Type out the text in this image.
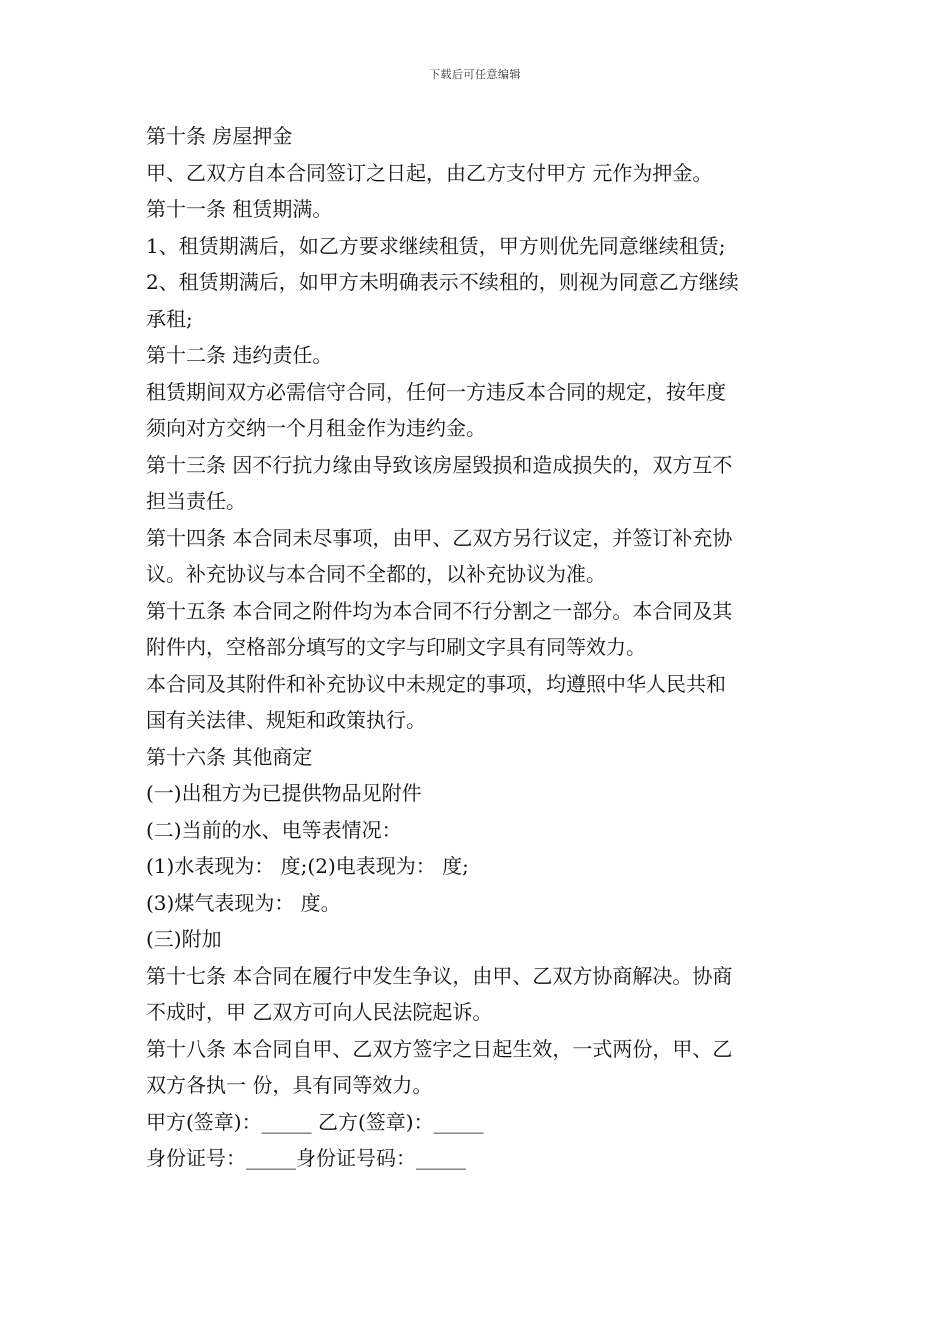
下载后可任意编辑
第十条 房屋押金
甲、乙双方自本合同签订之日起，由乙方支付甲方 元作为押金。
第十一条 租赁期满。
1、租赁期满后，如乙方要求继续租赁，甲方则优先同意继续租赁;
2、租赁期满后，如甲方未明确表示不续租的，则视为同意乙方继续
承租;
第十二条 违约责任。
租赁期间双方必需信守合同，任何一方违反本合同的规定，按年度
须向对方交纳一个月租金作为违约金。
第十三条 因不行抗力缘由导致该房屋毁损和造成损失的，双方互不
担当责任。
第十四条 本合同未尽事项，由甲、乙双方另行议定，并签订补充协
议。补充协议与本合同不全都的，以补充协议为准。
第十五条 本合同之附件均为本合同不行分割之一部分。本合同及其
附件内，空格部分填写的文字与印刷文字具有同等效力。
本合同及其附件和补充协议中未规定的事项，均遵照中华人民共和
国有关法律、规矩和政策执行。
第十六条 其他商定
(一)出租方为已提供物品见附件
(二)当前的水、电等表情况：
(1)水表现为： 度;(2)电表现为： 度;
(3)煤气表现为： 度。
(三)附加
第十七条 本合同在履行中发生争议，由甲、乙双方协商解决。协商
不成时，甲 乙双方可向人民法院起诉。
第十八条 本合同自甲、乙双方签字之日起生效，一式两份，甲、乙
双方各执一 份，具有同等效力。
甲方(签章)：_____ 乙方(签章)：_____
身份证号：_____身份证号码：_____
